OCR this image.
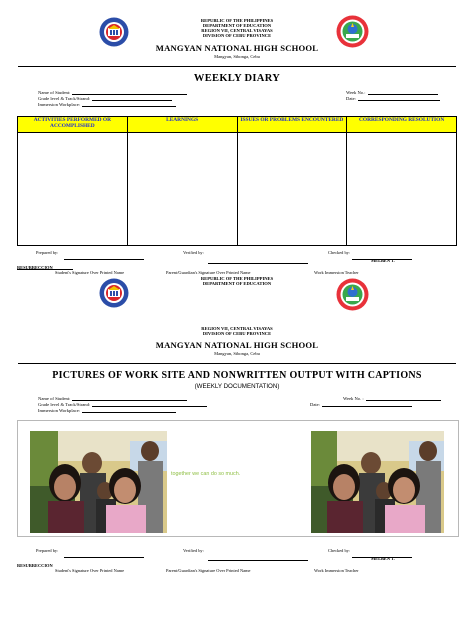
REPUBLIC OF THE PHILIPPINES
DEPARTMENT OF EDUCATION
REGION VII, CENTRAL VISAYAS
DIVISION OF CEBU PROVINCE
MANGYAN NATIONAL HIGH SCHOOL
Mangyan, Sibonga, Cebu
WEEKLY DIARY
Name of Student:
Grade level & Track/Strand:
Immersion Workplace:
Week No.:
Date:
ACTIVITIES PERFORMED OR ACCOMPLISHED	LEARNINGS	ISSUES OR PROBLEMS ENCOUNTERED	CORRESPONDING RESOLUTION

Prepared by:	Verified by:	Checked by:
MELBEN T.
RESURRECCION
Student's Signature Over Printed Name	Parent/Guardian's Signature Over Printed Name	Work Immersion Teacher
REPUBLIC OF THE PHILIPPINES
DEPARTMENT OF EDUCATION
REGION VII, CENTRAL VISAYAS
DIVISION OF CEBU PROVINCE
MANGYAN NATIONAL HIGH SCHOOL
Mangyan, Sibonga, Cebu
PICTURES OF WORK SITE AND NONWRITTEN OUTPUT WITH CAPTIONS
(WEEKLY DOCUMENTATION)
Name of Student:
Grade level & Track/Strand:
Immersion Workplace:
Week No. :
Date:
together we can do so much.
Prepared by:	Verified by:	Checked by:
MELBEN T.
RESURRECCION
Student's Signature Over Printed Name	Parent/Guardian's Signature Over Printed Name	Work Immersion Teacher
